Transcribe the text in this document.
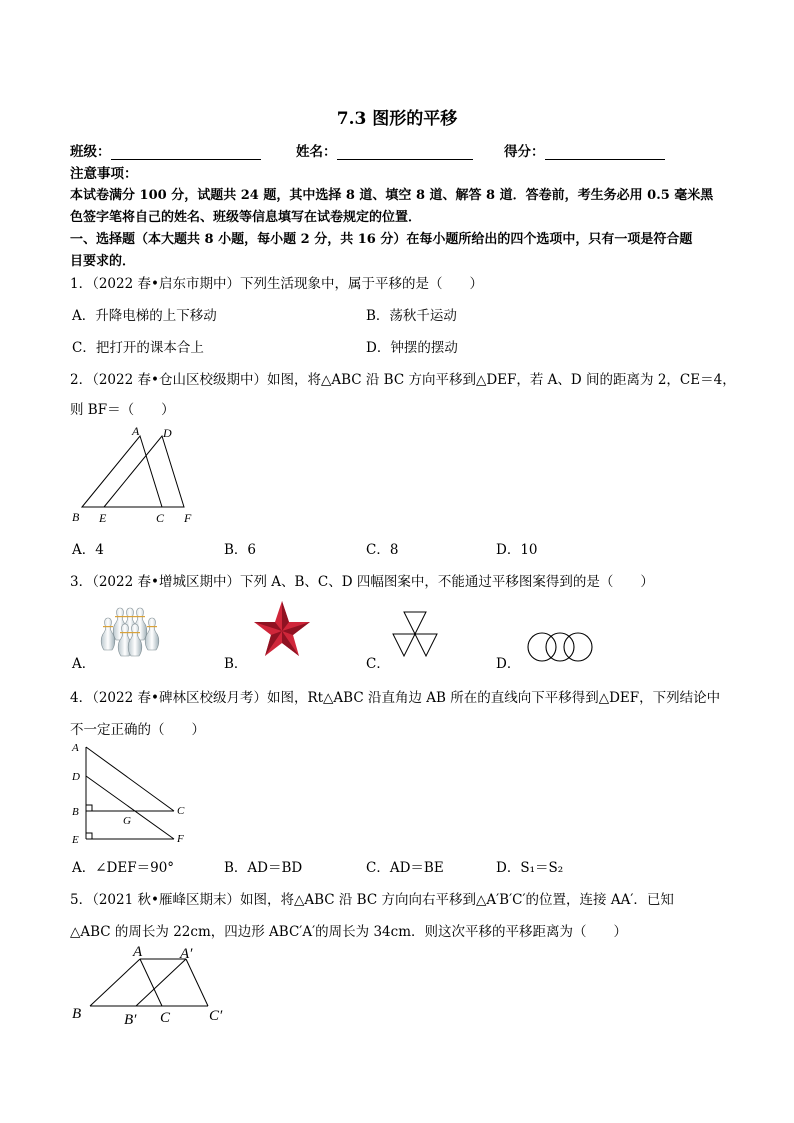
7.3 图形的平移
班级：	姓名：	得分：
注意事项：
本试卷满分 100 分，试题共 24 题，其中选择 8 道、填空 8 道、解答 8 道．答卷前，考生务必用 0.5 毫米黑
色签字笔将自己的姓名、班级等信息填写在试卷规定的位置．
一、选择题（本大题共 8 小题，每小题 2 分，共 16 分）在每小题所给出的四个选项中，只有一项是符合题
目要求的．
1．（2022 春•启东市期中）下列生活现象中，属于平移的是（　　）
A．升降电梯的上下移动	B．荡秋千运动
C．把打开的课本合上	D．钟摆的摆动
2．（2022 春•仓山区校级期中）如图，将△ABC 沿 BC 方向平移到△DEF，若 A、D 间的距离为 2，CE＝4，
则 BF＝（　　）
A D
B E	C F
A．4	B．6	C．8	D．10
3．（2022 春•增城区期中）下列 A、B、C、D 四幅图案中，不能通过平移图案得到的是（　　）
A．	B．	C．	D．
4．（2022 春•碑林区校级月考）如图，Rt△ABC 沿直角边 AB 所在的直线向下平移得到△DEF，下列结论中
不一定正确的（　　）
A
D
B
E
C
F
G
A．∠DEF＝90°	B．AD＝BD	C．AD＝BE	D．S₁＝S₂
5．（2021 秋•雁峰区期末）如图，将△ABC 沿 BC 方向向右平移到△A′B′C′的位置，连接 AA′．已知
△ABC 的周长为 22cm，四边形 ABC′A′的周长为 34cm．则这次平移的平移距离为（　　）
A	A′
B	B′ C	C′
